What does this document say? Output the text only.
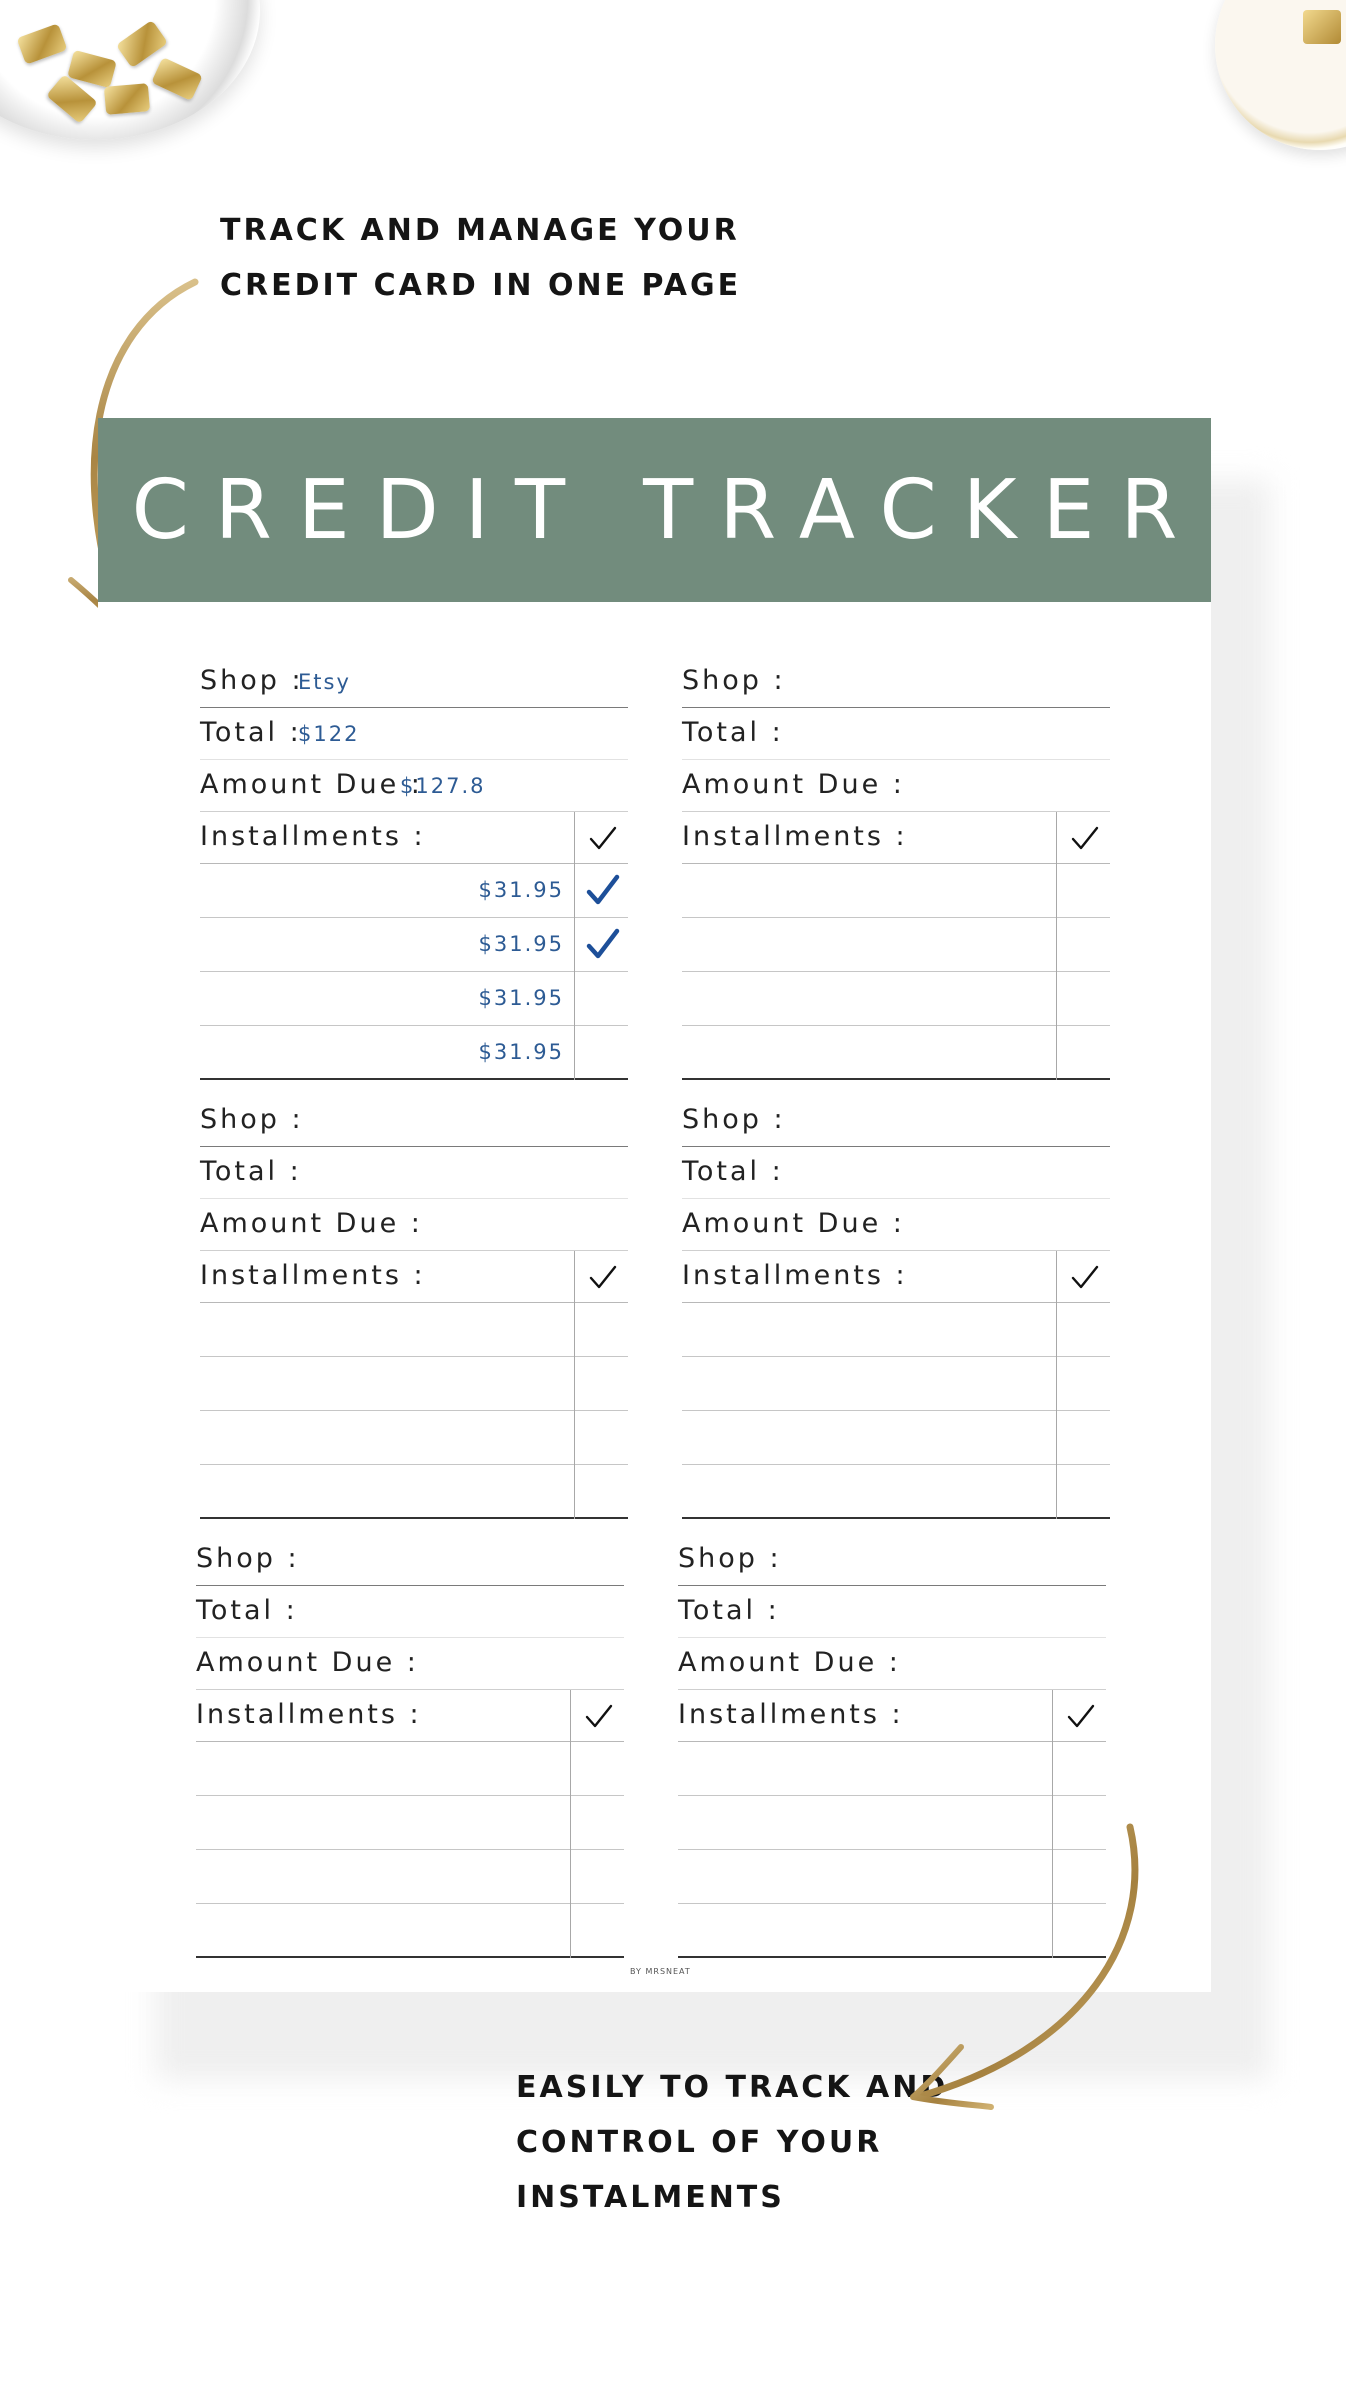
TRACK AND MANAGE YOUR
CREDIT CARD IN ONE PAGE

CREDIT TRACKER
Shop :
Etsy
Total :
$122
Amount Due :
$127.8
Installments :
$31.95
$31.95
$31.95
$31.95
Shop :
Total :
Amount Due :
Installments :
Shop :
Total :
Amount Due :
Installments :
Shop :
Total :
Amount Due :
Installments :
Shop :
Total :
Amount Due :
Installments :
Shop :
Total :
Amount Due :
Installments :
BY MRSNEAT

EASILY TO TRACK AND
CONTROL OF YOUR
INSTALMENTS
